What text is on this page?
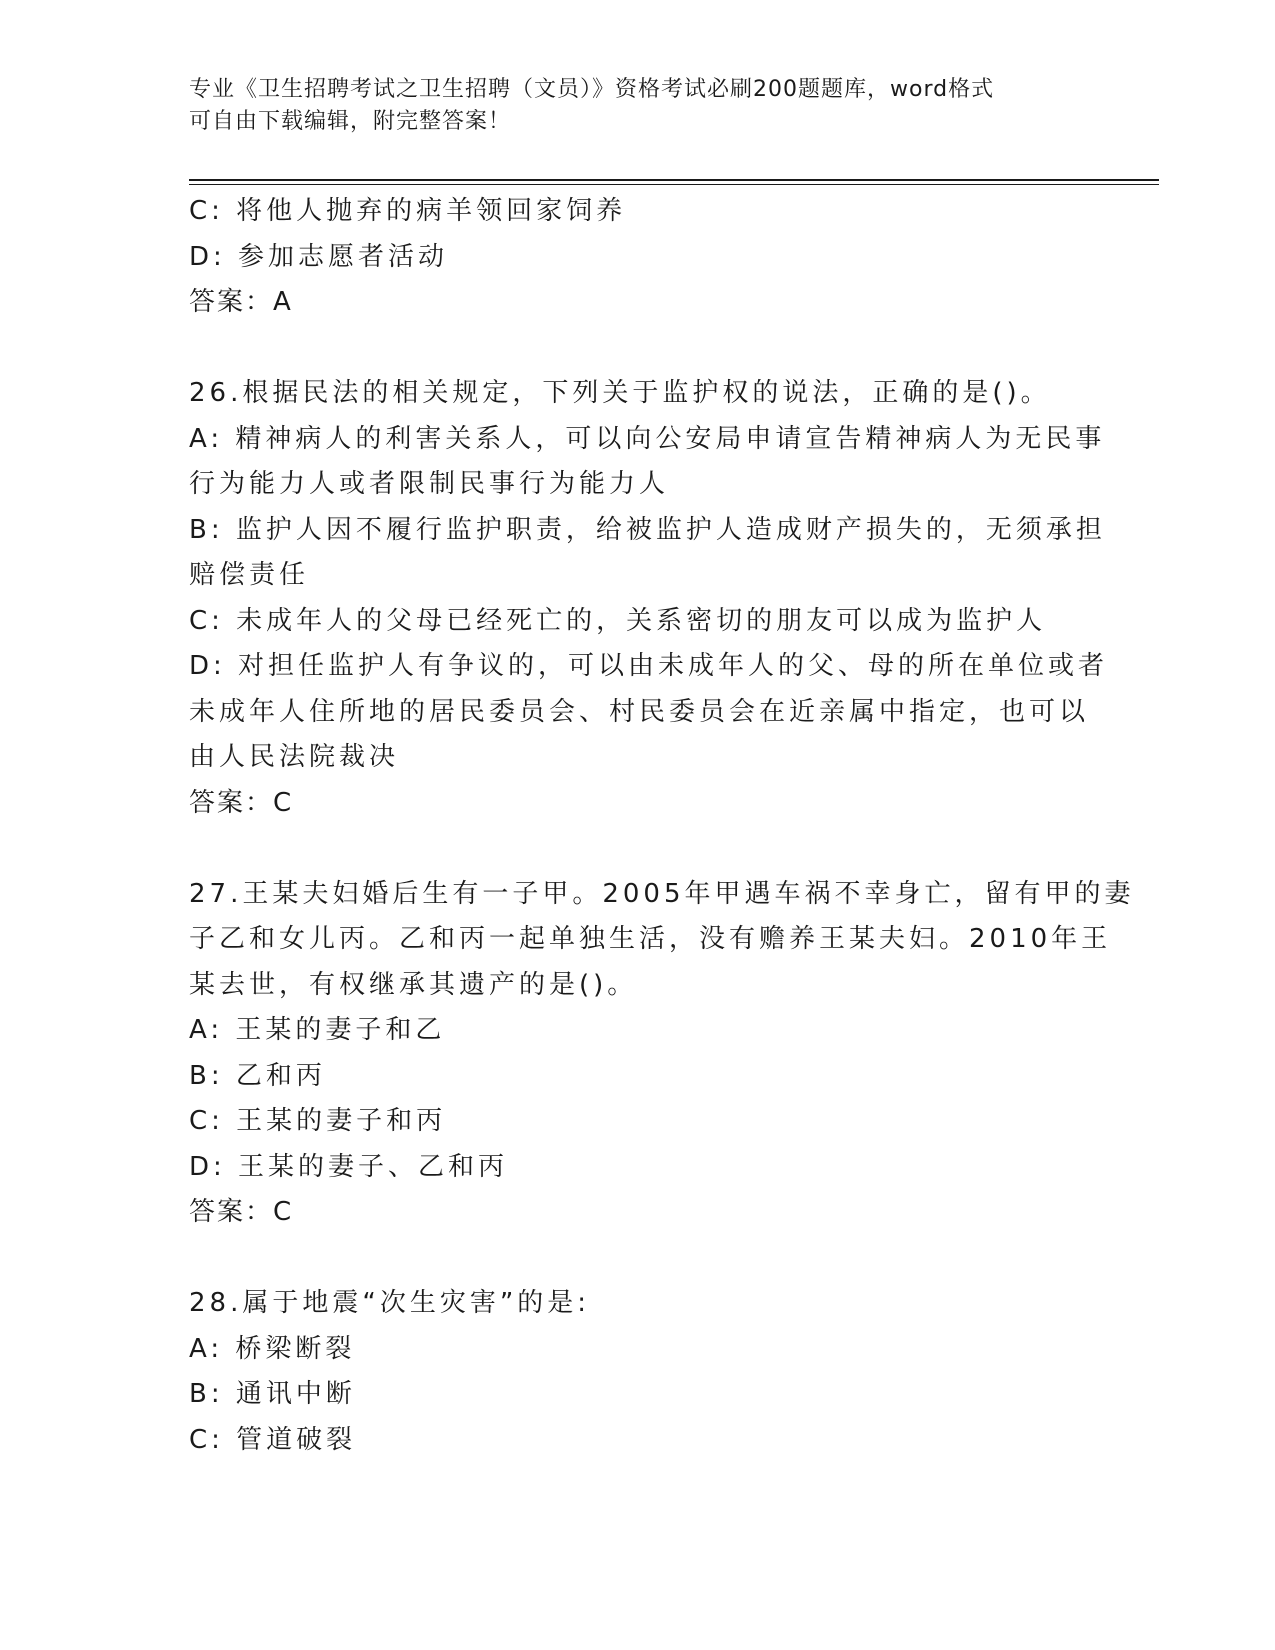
专业《卫生招聘考试之卫生招聘（文员）》资格考试必刷200题题库，word格式
可自由下载编辑，附完整答案！
C: 将他人抛弃的病羊领回家饲养
D: 参加志愿者活动
答案：A
26.根据民法的相关规定，下列关于监护权的说法，正确的是()。
A: 精神病人的利害关系人，可以向公安局申请宣告精神病人为无民事
行为能力人或者限制民事行为能力人
B: 监护人因不履行监护职责，给被监护人造成财产损失的，无须承担
赔偿责任
C: 未成年人的父母已经死亡的，关系密切的朋友可以成为监护人
D: 对担任监护人有争议的，可以由未成年人的父、母的所在单位或者
未成年人住所地的居民委员会、村民委员会在近亲属中指定，也可以
由人民法院裁决
答案：C
27.王某夫妇婚后生有一子甲。2005年甲遇车祸不幸身亡，留有甲的妻
子乙和女儿丙。乙和丙一起单独生活，没有赡养王某夫妇。2010年王
某去世，有权继承其遗产的是()。
A: 王某的妻子和乙
B: 乙和丙
C: 王某的妻子和丙
D: 王某的妻子、乙和丙
答案：C
28.属于地震“次生灾害”的是:
A: 桥梁断裂
B: 通讯中断
C: 管道破裂
